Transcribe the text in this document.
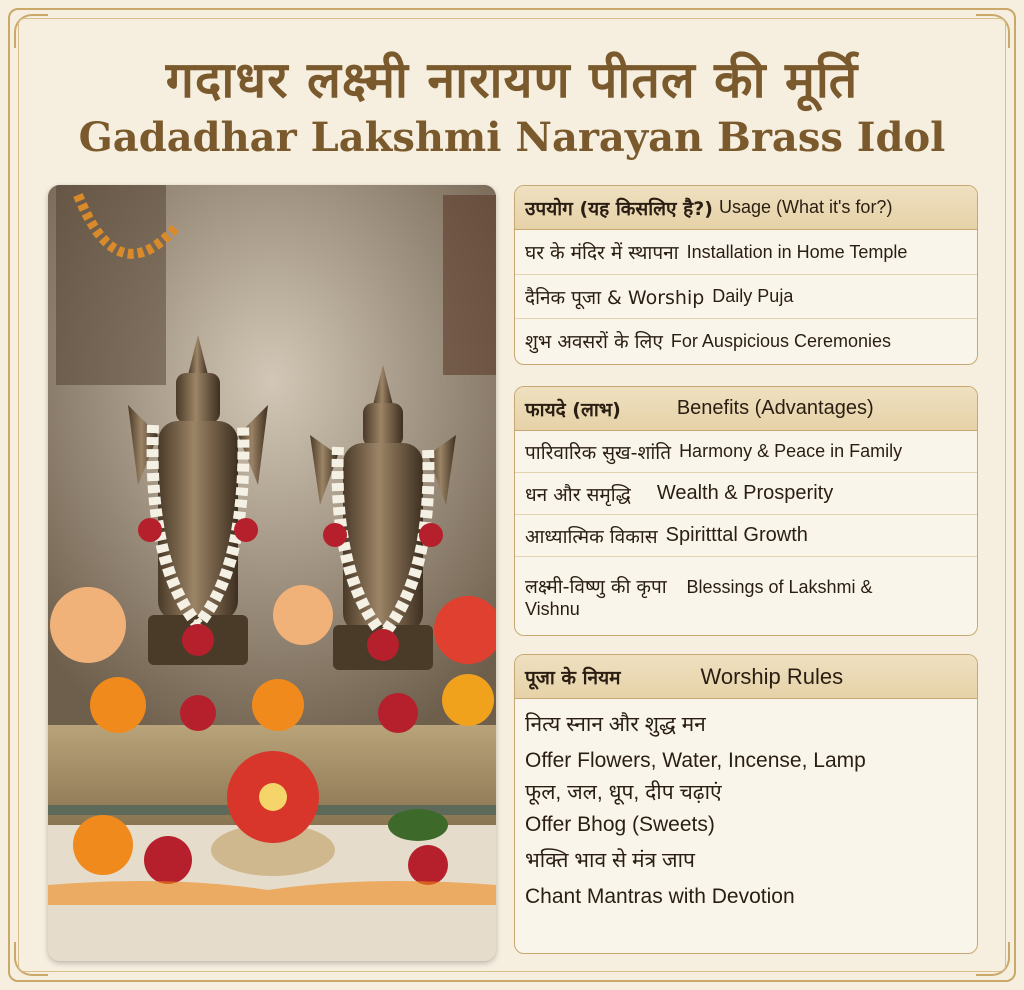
गदाधर लक्ष्मी नारायण पीतल की मूर्ति
Gadadhar Lakshmi Narayan Brass Idol
उपयोग (यह किसलिए है?) Usage (What it's for?)
घर के मंदिर में स्थापना Installation in Home Temple
दैनिक पूजा & Worship Daily Puja
शुभ अवसरों के लिए For Auspicious Ceremonies
फायदे (लाभ)	Benefits (Advantages)
पारिवारिक सुख-शांति Harmony & Peace in Family
धन और समृद्धि Wealth & Prosperity
आध्यात्मिक विकास Spiritttal Growth
लक्ष्मी-विष्णु की कृपा Blessings of Lakshmi &
Vishnu
पूजा के नियम	Worship Rules
नित्य स्नान और शुद्ध मन
Offer Flowers, Water, Incense, Lamp
फूल, जल, धूप, दीप चढ़ाएं
Offer Bhog (Sweets)
भक्ति भाव से मंत्र जाप
Chant Mantras with Devotion
